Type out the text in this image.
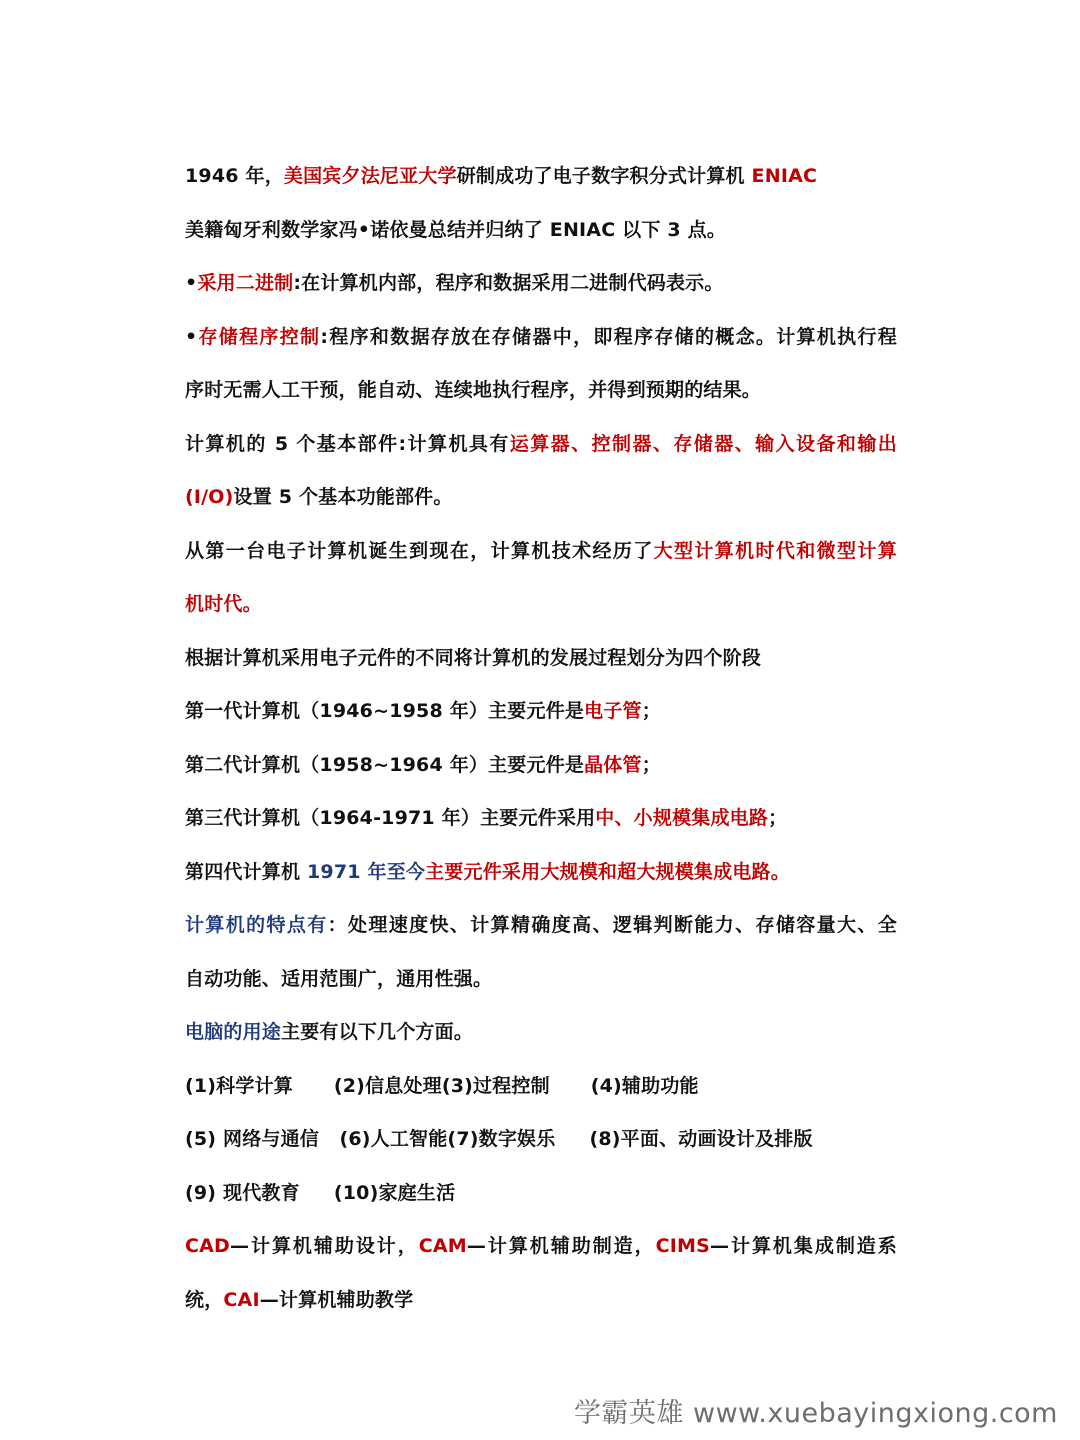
1946 年，美国宾夕法尼亚大学研制成功了电子数字积分式计算机 ENIAC
美籍匈牙利数学家冯•诺依曼总结并归纳了 ENIAC 以下 3 点。
•采用二进制:在计算机内部，程序和数据采用二进制代码表示。
•存储程序控制:程序和数据存放在存储器中，即程序存储的概念。计算机执行程
序时无需人工干预，能自动、连续地执行程序，并得到预期的结果。
计算机的 5 个基本部件:计算机具有运算器、控制器、存储器、输入设备和输出
(I/O)设置 5 个基本功能部件。
从第一台电子计算机诞生到现在，计算机技术经历了大型计算机时代和微型计算
机时代。
根据计算机采用电子元件的不同将计算机的发展过程划分为四个阶段
第一代计算机（1946~1958 年）主要元件是电子管；
第二代计算机（1958~1964 年）主要元件是晶体管；
第三代计算机（1964-1971 年）主要元件采用中、小规模集成电路；
第四代计算机 1971 年至今主要元件采用大规模和超大规模集成电路。
计算机的特点有：处理速度快、计算精确度高、逻辑判断能力、存储容量大、全
自动功能、适用范围广，通用性强。
电脑的用途主要有以下几个方面。
(1)科学计算      (2)信息处理(3)过程控制      (4)辅助功能
(5) 网络与通信   (6)人工智能(7)数字娱乐     (8)平面、动画设计及排版
(9) 现代教育     (10)家庭生活
CAD—计算机辅助设计，CAM—计算机辅助制造，CIMS—计算机集成制造系
统，CAI—计算机辅助教学
学霸英雄 www.xuebayingxiong.com
